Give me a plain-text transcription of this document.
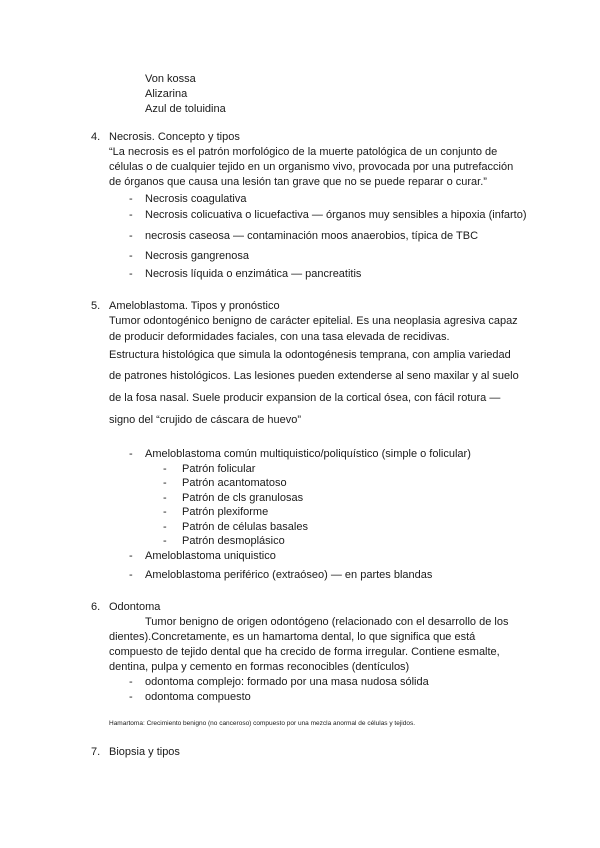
Von kossa
Alizarina
Azul de toluidina
4. Necrosis. Concepto y tipos
“La necrosis es el patrón morfológico de la muerte patológica de un conjunto de
células o de cualquier tejido en un organismo vivo, provocada por una putrefacción
de órganos que causa una lesión tan grave que no se puede reparar o curar.”
- Necrosis coagulativa
- Necrosis colicuativa o licuefactiva — órganos muy sensibles a hipoxia (infarto)
- necrosis caseosa — contaminación moos anaerobios, típica de TBC
- Necrosis gangrenosa
- Necrosis líquida o enzimática — pancreatitis
5. Ameloblastoma. Tipos y pronóstico
Tumor odontogénico benigno de carácter epitelial. Es una neoplasia agresiva capaz
de producir deformidades faciales, con una tasa elevada de recidivas.
Estructura histológica que simula la odontogénesis temprana, con amplia variedad
de patrones histológicos. Las lesiones pueden extenderse al seno maxilar y al suelo
de la fosa nasal. Suele producir expansion de la cortical ósea, con fácil rotura —
signo del “crujido de cáscara de huevo”
- Ameloblastoma común multiquistico/poliquístico (simple o folicular)
- Patrón folicular
- Patrón acantomatoso
- Patrón de cls granulosas
- Patrón plexiforme
- Patrón de células basales
- Patrón desmoplásico
- Ameloblastoma uniquistico
- Ameloblastoma periférico (extraóseo) — en partes blandas
6. Odontoma
Tumor benigno de origen odontógeno (relacionado con el desarrollo de los
dientes).Concretamente, es un hamartoma dental, lo que significa que está
compuesto de tejido dental que ha crecido de forma irregular. Contiene esmalte,
dentina, pulpa y cemento en formas reconocibles (dentículos)
- odontoma complejo: formado por una masa nudosa sólida
- odontoma compuesto
Hamartoma: Crecimiento benigno (no canceroso) compuesto por una mezcla anormal de células y tejidos.
7. Biopsia y tipos
